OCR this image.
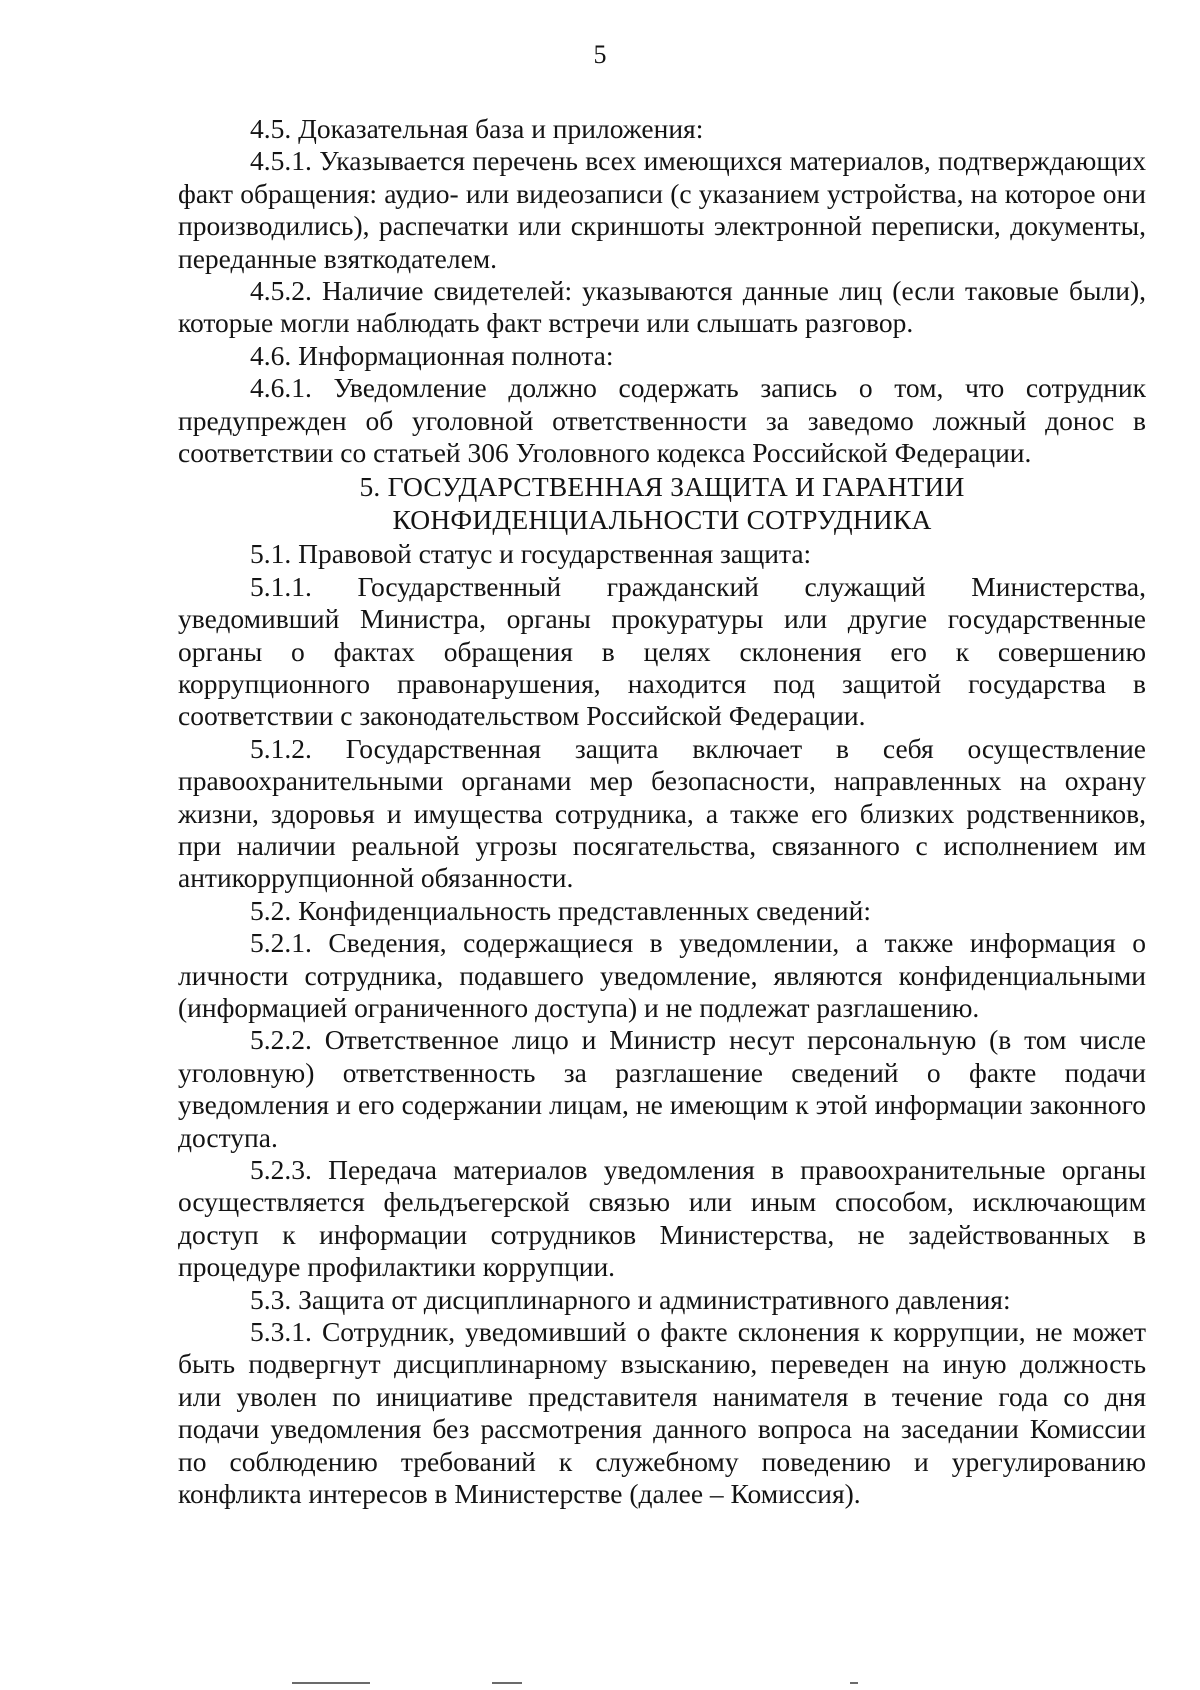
5

4.5. Доказательная база и приложения:

4.5.1. Указывается перечень всех имеющихся материалов, подтверждающих факт обращения: аудио- или видеозаписи (с указанием устройства, на которое они производились), распечатки или скриншоты электронной переписки, документы, переданные взяткодателем.

4.5.2. Наличие свидетелей: указываются данные лиц (если таковые были), которые могли наблюдать факт встречи или слышать разговор.

4.6. Информационная полнота:

4.6.1. Уведомление должно содержать запись о том, что сотрудник предупрежден об уголовной ответственности за заведомо ложный донос в соответствии со статьей 306 Уголовного кодекса Российской Федерации.

5. ГОСУДАРСТВЕННАЯ ЗАЩИТА И ГАРАНТИИ
КОНФИДЕНЦИАЛЬНОСТИ СОТРУДНИКА

5.1. Правовой статус и государственная защита:

5.1.1. Государственный гражданский служащий Министерства, уведомивший Министра, органы прокуратуры или другие государственные органы о фактах обращения в целях склонения его к совершению коррупционного правонарушения, находится под защитой государства в соответствии с законодательством Российской Федерации.

5.1.2. Государственная защита включает в себя осуществление правоохранительными органами мер безопасности, направленных на охрану жизни, здоровья и имущества сотрудника, а также его близких родственников, при наличии реальной угрозы посягательства, связанного с исполнением им антикоррупционной обязанности.

5.2. Конфиденциальность представленных сведений:

5.2.1. Сведения, содержащиеся в уведомлении, а также информация о личности сотрудника, подавшего уведомление, являются конфиденциальными (информацией ограниченного доступа) и не подлежат разглашению.

5.2.2. Ответственное лицо и Министр несут персональную (в том числе уголовную) ответственность за разглашение сведений о факте подачи уведомления и его содержании лицам, не имеющим к этой информации законного доступа.

5.2.3. Передача материалов уведомления в правоохранительные органы осуществляется фельдъегерской связью или иным способом, исключающим доступ к информации сотрудников Министерства, не задействованных в процедуре профилактики коррупции.

5.3. Защита от дисциплинарного и административного давления:

5.3.1. Сотрудник, уведомивший о факте склонения к коррупции, не может быть подвергнут дисциплинарному взысканию, переведен на иную должность или уволен по инициативе представителя нанимателя в течение года со дня подачи уведомления без рассмотрения данного вопроса на заседании Комиссии по соблюдению требований к служебному поведению и урегулированию конфликта интересов в Министерстве (далее – Комиссия).
